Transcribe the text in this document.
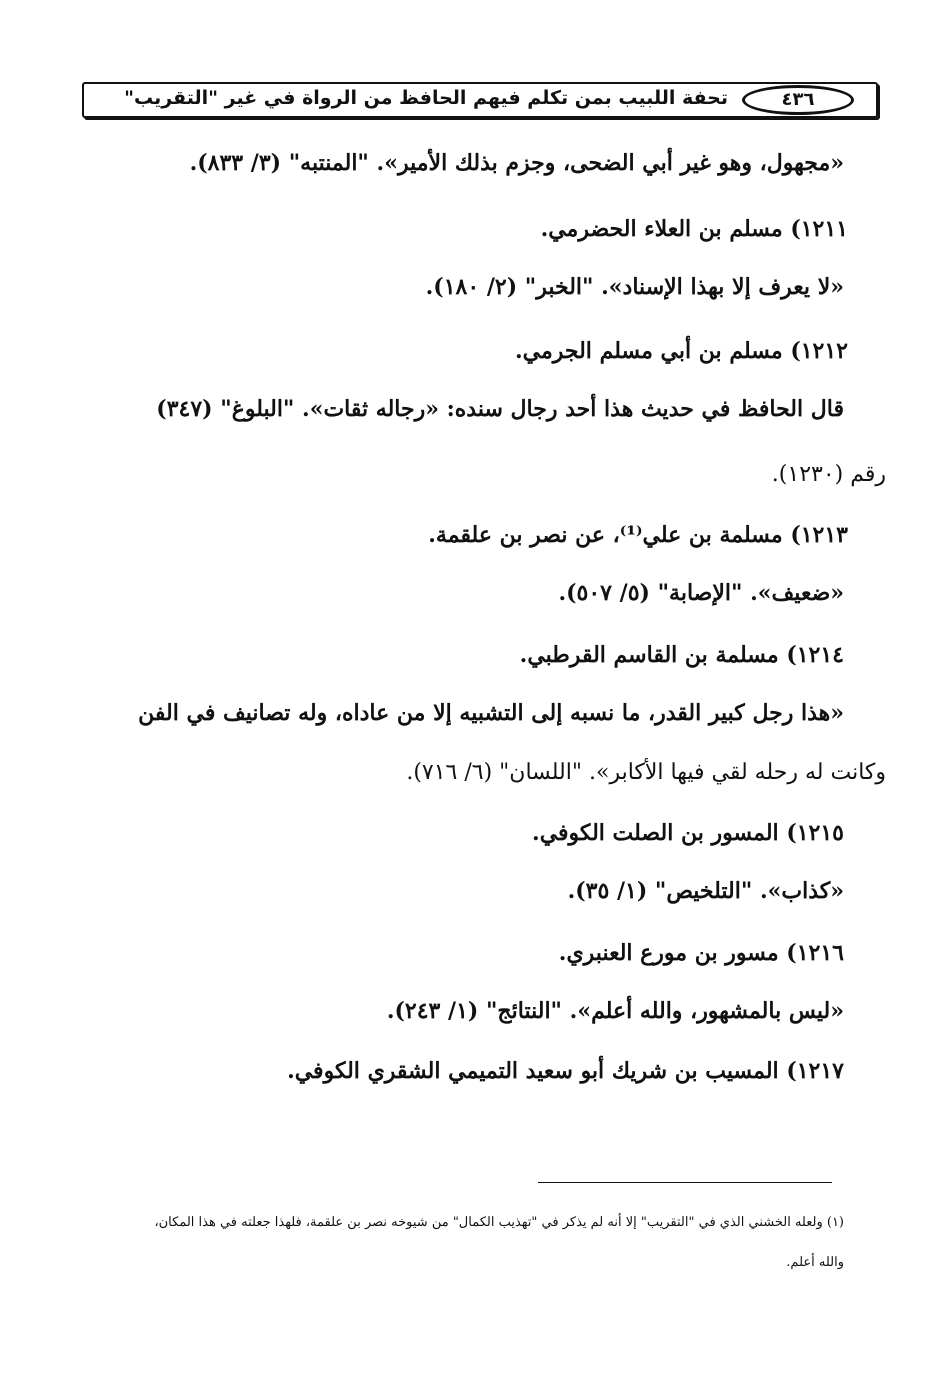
تحفة اللبيب بمن تكلم فيهم الحافظ من الرواة في غير "التقريب"	٤٣٦
«مجهول، وهو غير أبي الضحى، وجزم بذلك الأمير». "المنتبه" (٣/ ٨٣٣).
١٢١١) مسلم بن العلاء الحضرمي.
«لا يعرف إلا بهذا الإسناد». "الخبر" (٢/ ١٨٠).
١٢١٢) مسلم بن أبي مسلم الجرمي.
قال الحافظ في حديث هذا أحد رجال سنده: «رجاله ثقات». "البلوغ" (٣٤٧)
رقم (١٢٣٠).
١٢١٣) مسلمة بن علي⁽¹⁾، عن نصر بن علقمة.
«ضعيف». "الإصابة" (٥/ ٥٠٧).
١٢١٤) مسلمة بن القاسم القرطبي.
«هذا رجل كبير القدر، ما نسبه إلى التشبيه إلا من عاداه، وله تصانيف في الفن
وكانت له رحله لقي فيها الأكابر». "اللسان" (٦/ ٧١٦).
١٢١٥) المسور بن الصلت الكوفي.
«كذاب». "التلخيص" (١/ ٣٥).
١٢١٦) مسور بن مورع العنبري.
«ليس بالمشهور، والله أعلم». "النتائج" (١/ ٢٤٣).
١٢١٧) المسيب بن شريك أبو سعيد التميمي الشقري الكوفي.
(١) ولعله الخشني الذي في "التقريب" إلا أنه لم يذكر في "تهذيب الكمال" من شيوخه نصر بن علقمة، فلهذا جعلته في هذا المكان،
والله أعلم.
